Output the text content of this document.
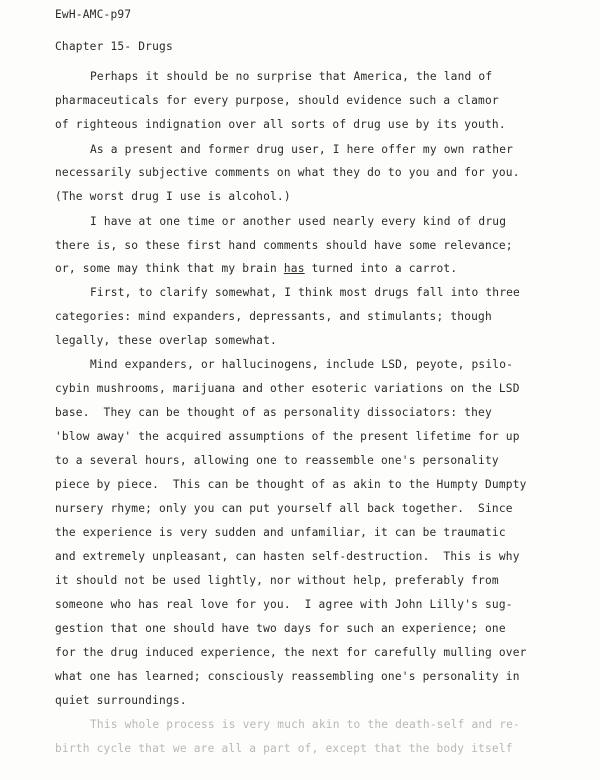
EwH-AMC-p97
Chapter 15- Drugs
Perhaps it should be no surprise that America, the land of
pharmaceuticals for every purpose, should evidence such a clamor
of righteous indignation over all sorts of drug use by its youth.
As a present and former drug user, I here offer my own rather
necessarily subjective comments on what they do to you and for you.
(The worst drug I use is alcohol.)
I have at one time or another used nearly every kind of drug
there is, so these first hand comments should have some relevance;
or, some may think that my brain has turned into a carrot.
First, to clarify somewhat, I think most drugs fall into three
categories: mind expanders, depressants, and stimulants; though
legally, these overlap somewhat.
Mind expanders, or hallucinogens, include LSD, peyote, psilo-
cybin mushrooms, marijuana and other esoteric variations on the LSD
base.  They can be thought of as personality dissociators: they
'blow away' the acquired assumptions of the present lifetime for up
to a several hours, allowing one to reassemble one's personality
piece by piece.  This can be thought of as akin to the Humpty Dumpty
nursery rhyme; only you can put yourself all back together.  Since
the experience is very sudden and unfamiliar, it can be traumatic
and extremely unpleasant, can hasten self-destruction.  This is why
it should not be used lightly, nor without help, preferably from
someone who has real love for you.  I agree with John Lilly's sug-
gestion that one should have two days for such an experience; one
for the drug induced experience, the next for carefully mulling over
what one has learned; consciously reassembling one's personality in
quiet surroundings.
This whole process is very much akin to the death-self and re-
birth cycle that we are all a part of, except that the body itself
